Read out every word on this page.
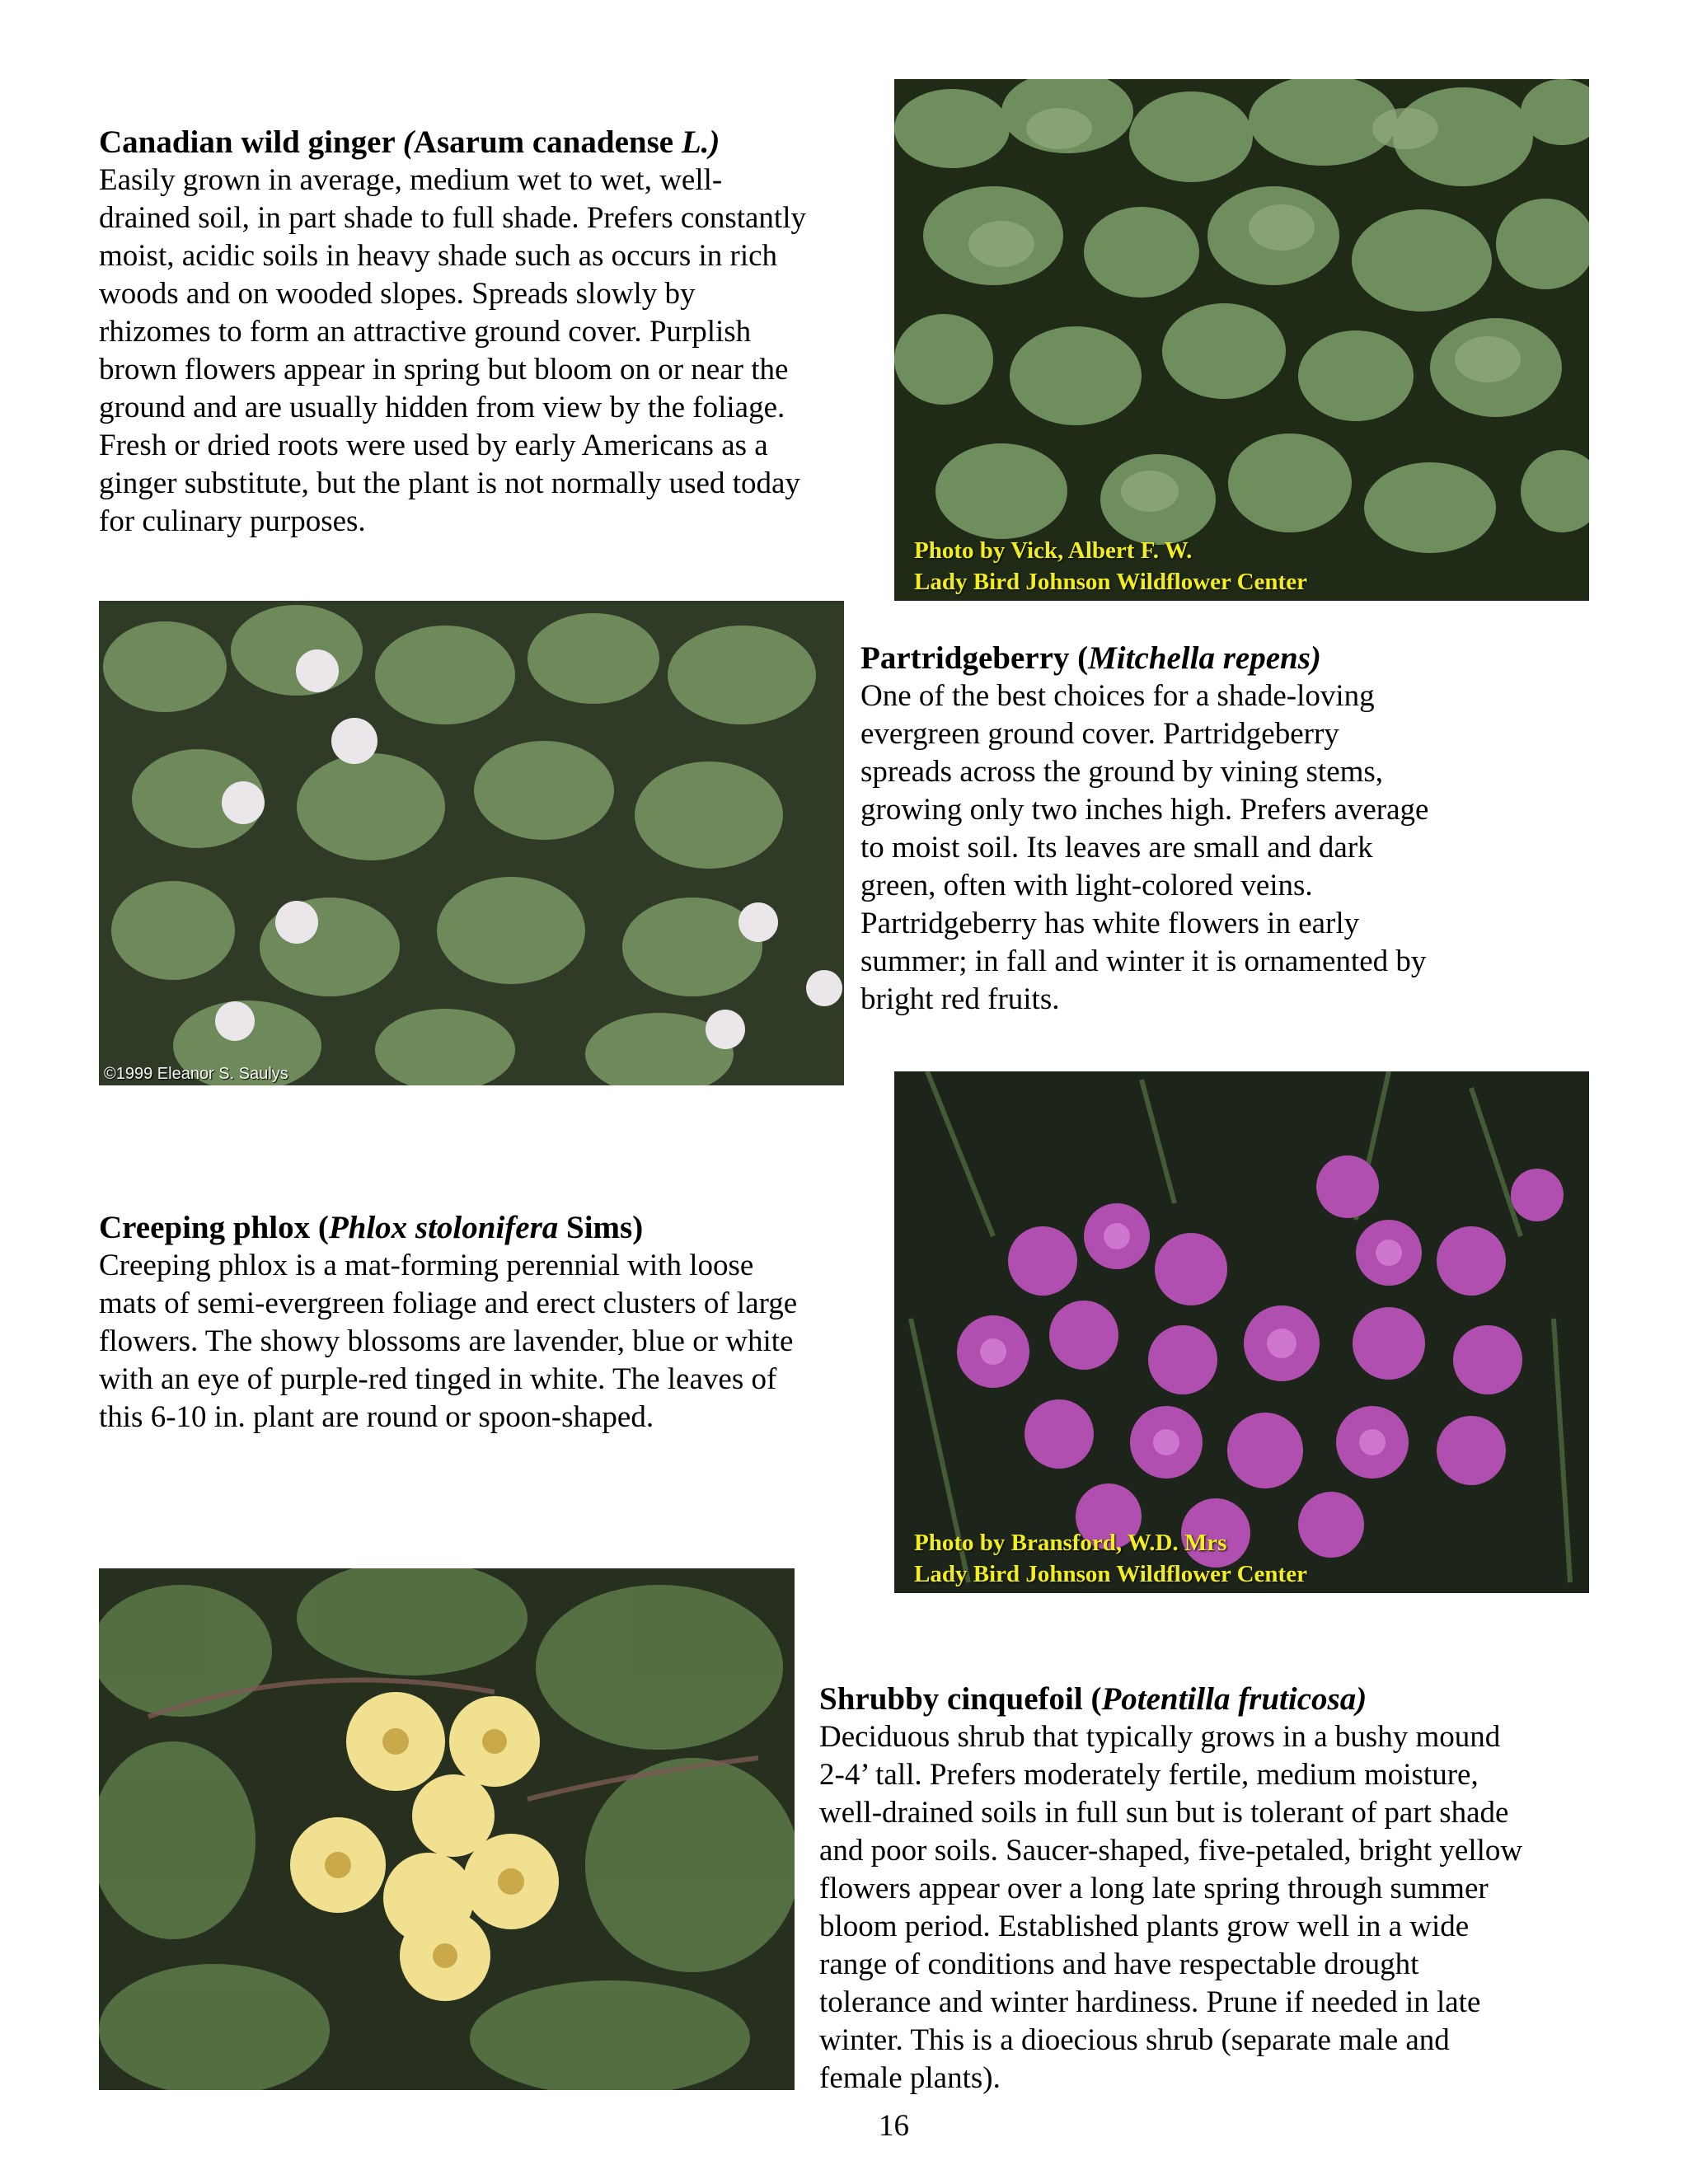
Canadian wild ginger (Asarum canadense L.)

Easily grown in average, medium wet to wet, well-
drained soil, in part shade to full shade. Prefers constantly
moist, acidic soils in heavy shade such as occurs in rich
woods and on wooded slopes. Spreads slowly by
rhizomes to form an attractive ground cover. Purplish
brown flowers appear in spring but bloom on or near the
ground and are usually hidden from view by the foliage.
Fresh or dried roots were used by early Americans as a
ginger substitute, but the plant is not normally used today
for culinary purposes.
Photo by Vick, Albert F. W.
Lady Bird Johnson Wildflower Center
©1999 Eleanor S. Saulys

Partridgeberry (Mitchella repens)

One of the best choices for a shade-loving
evergreen ground cover. Partridgeberry
spreads across the ground by vining stems,
growing only two inches high. Prefers average
to moist soil. Its leaves are small and dark
green, often with light-colored veins.
Partridgeberry has white flowers in early
summer; in fall and winter it is ornamented by
bright red fruits.

Creeping phlox (Phlox stolonifera Sims)

Creeping phlox is a mat-forming perennial with loose
mats of semi-evergreen foliage and erect clusters of large
flowers. The showy blossoms are lavender, blue or white
with an eye of purple-red tinged in white. The leaves of
this 6-10 in. plant are round or spoon-shaped.
Photo by Bransford, W.D. Mrs
Lady Bird Johnson Wildflower Center

Shrubby cinquefoil (Potentilla fruticosa)

Deciduous shrub that typically grows in a bushy mound
2-4’ tall. Prefers moderately fertile, medium moisture,
well-drained soils in full sun but is tolerant of part shade
and poor soils. Saucer-shaped, five-petaled, bright yellow
flowers appear over a long late spring through summer
bloom period. Established plants grow well in a wide
range of conditions and have respectable drought
tolerance and winter hardiness. Prune if needed in late
winter. This is a dioecious shrub (separate male and
female plants).
16
